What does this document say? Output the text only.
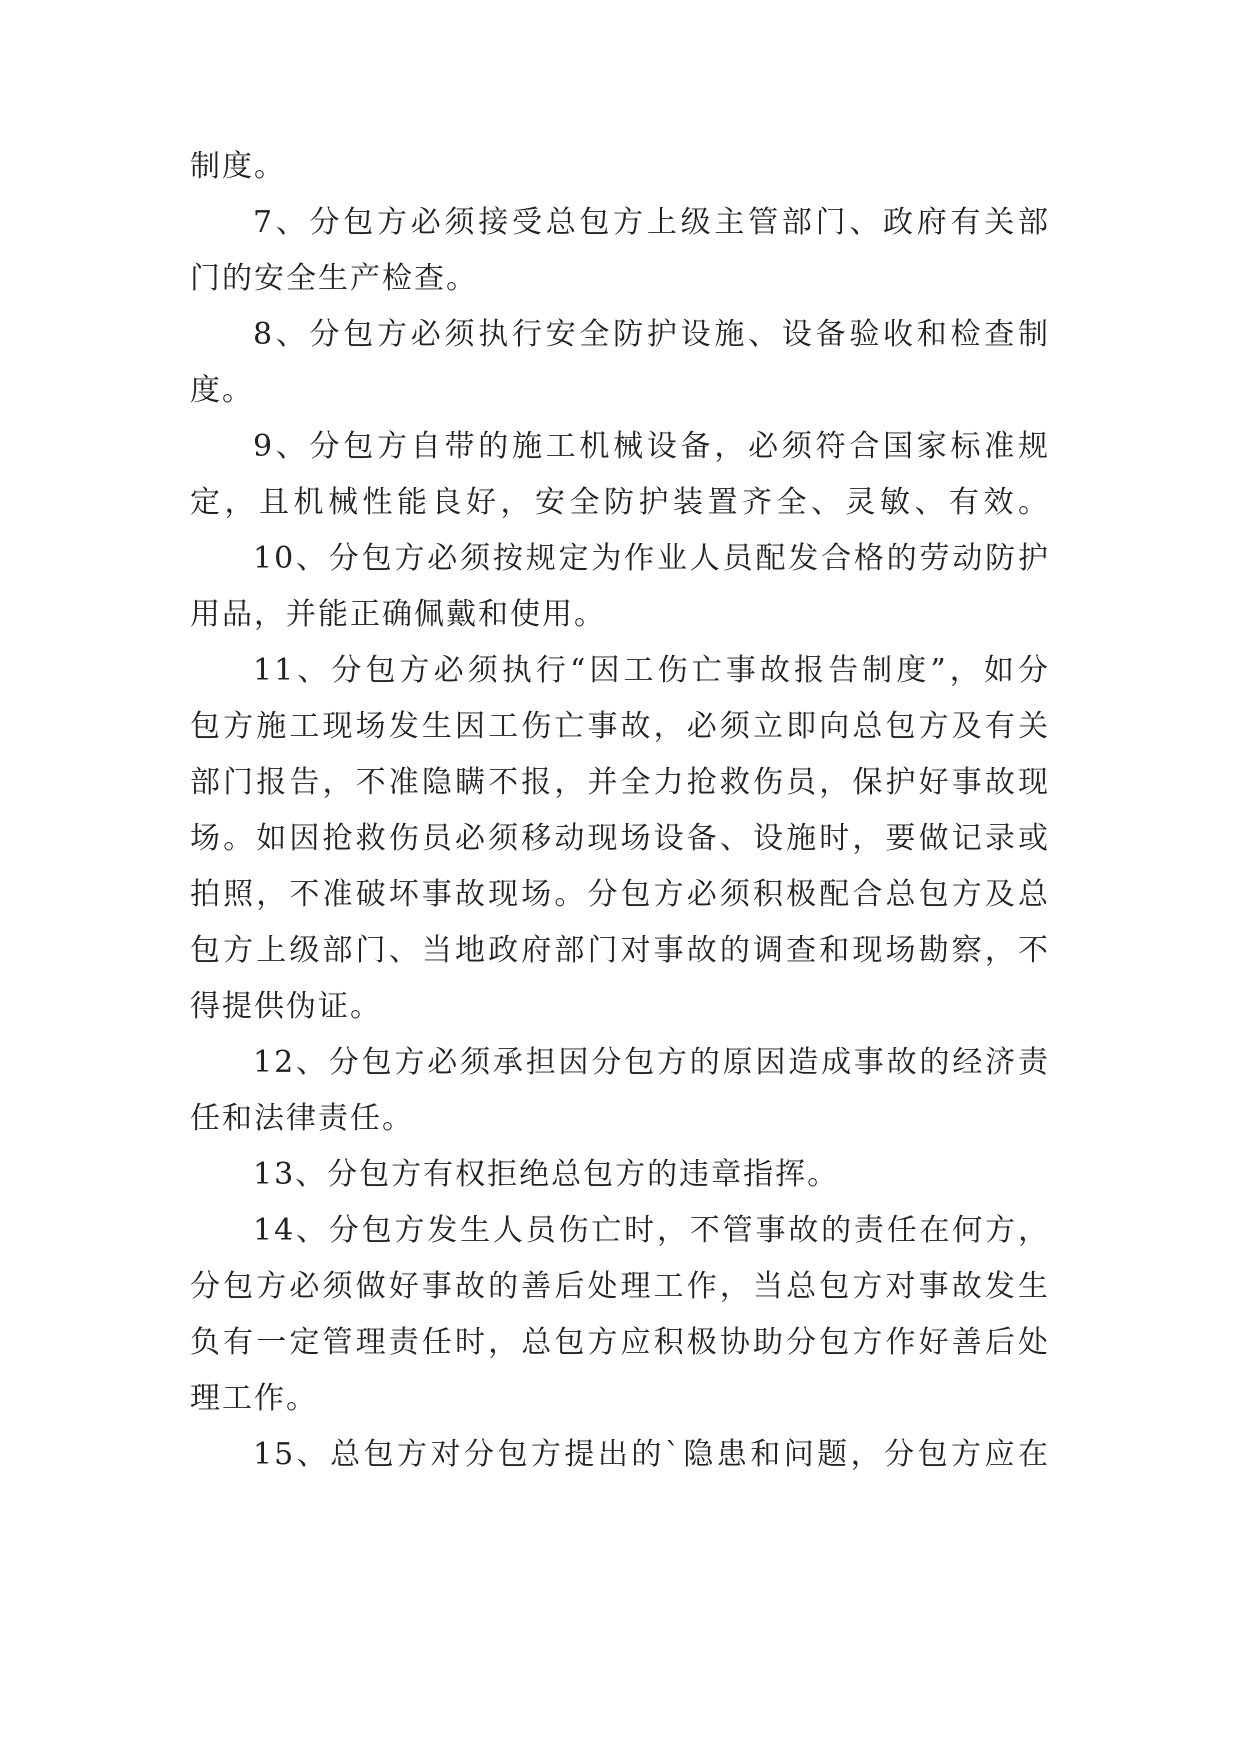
制度。
7、分包方必须接受总包方上级主管部门、政府有关部
门的安全生产检查。
8、分包方必须执行安全防护设施、设备验收和检查制
度。
9、分包方自带的施工机械设备，必须符合国家标准规
定，且机械性能良好，安全防护装置齐全、灵敏、有效。
10、分包方必须按规定为作业人员配发合格的劳动防护
用品，并能正确佩戴和使用。
11、分包方必须执行“因工伤亡事故报告制度”，如分
包方施工现场发生因工伤亡事故，必须立即向总包方及有关
部门报告，不准隐瞒不报，并全力抢救伤员，保护好事故现
场。如因抢救伤员必须移动现场设备、设施时，要做记录或
拍照，不准破坏事故现场。分包方必须积极配合总包方及总
包方上级部门、当地政府部门对事故的调查和现场勘察，不
得提供伪证。
12、分包方必须承担因分包方的原因造成事故的经济责
任和法律责任。
13、分包方有权拒绝总包方的违章指挥。
14、分包方发生人员伤亡时，不管事故的责任在何方，
分包方必须做好事故的善后处理工作，当总包方对事故发生
负有一定管理责任时，总包方应积极协助分包方作好善后处
理工作。
15、总包方对分包方提出的`隐患和问题，分包方应在
